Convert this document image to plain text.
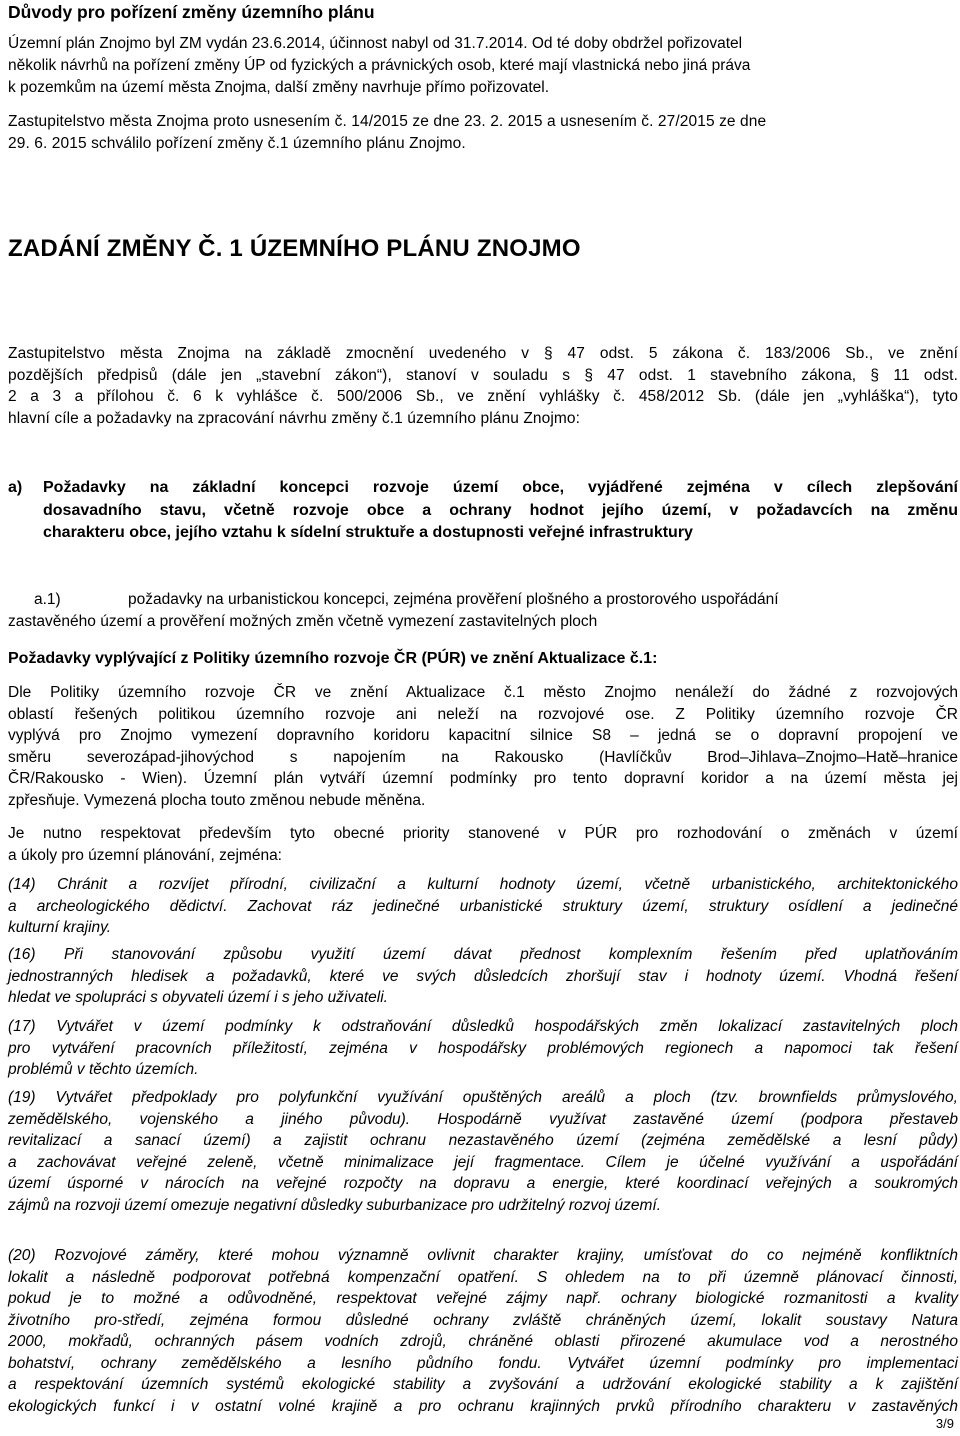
Důvody pro pořízení změny územního plánu

Územní plán Znojmo byl ZM vydán 23.6.2014, účinnost nabyl od 31.7.2014. Od té doby obdržel pořizovatel
několik návrhů na pořízení změny ÚP od fyzických a právnických osob, které mají vlastnická nebo jiná práva
k pozemkům na území města Znojma, další změny navrhuje přímo pořizovatel.

Zastupitelstvo města Znojma proto usnesením č. 14/2015 ze dne 23. 2. 2015 a usnesením č. 27/2015 ze dne
29. 6. 2015 schválilo pořízení změny č.1 územního plánu Znojmo.

ZADÁNÍ ZMĚNY Č. 1 ÚZEMNÍHO PLÁNU ZNOJMO

Zastupitelstvo města Znojma na základě zmocnění uvedeného v § 47 odst. 5 zákona č. 183/2006 Sb., ve znění
pozdějších předpisů (dále jen „stavební zákon“), stanoví v souladu s § 47 odst. 1 stavebního zákona, § 11 odst.
2 a 3 a přílohou č. 6 k vyhlášce č. 500/2006 Sb., ve znění vyhlášky č. 458/2012 Sb. (dále jen „vyhláška“), tyto
hlavní cíle a požadavky na zpracování návrhu změny č.1 územního plánu Znojmo:

a)	Požadavky na základní koncepci rozvoje území obce, vyjádřené zejména v cílech zlepšování
dosavadního stavu, včetně rozvoje obce a ochrany hodnot jejího území, v požadavcích na změnu
charakteru obce, jejího vztahu k sídelní struktuře a dostupnosti veřejné infrastruktury
a.1)	požadavky na urbanistickou koncepci, zejména prověření plošného a prostorového uspořádání
zastavěného území a prověření možných změn včetně vymezení zastavitelných ploch

Požadavky vyplývající z Politiky územního rozvoje ČR (PÚR) ve znění Aktualizace č.1:

Dle Politiky územního rozvoje ČR ve znění Aktualizace č.1 město Znojmo nenáleží do žádné z rozvojových
oblastí řešených politikou územního rozvoje ani neleží na rozvojové ose. Z Politiky územního rozvoje ČR
vyplývá pro Znojmo vymezení dopravního koridoru kapacitní silnice S8 – jedná se o dopravní propojení ve
směru severozápad-jihovýchod s napojením na Rakousko (Havlíčkův Brod–Jihlava–Znojmo–Hatě–hranice
ČR/Rakousko - Wien). Územní plán vytváří územní podmínky pro tento dopravní koridor a na území města jej
zpřesňuje. Vymezená plocha touto změnou nebude měněna.

Je nutno respektovat především tyto obecné priority stanovené v PÚR pro rozhodování o změnách v území
a úkoly pro územní plánování, zejména:

(14) Chránit a rozvíjet přírodní, civilizační a kulturní hodnoty území, včetně urbanistického, architektonického
a archeologického dědictví. Zachovat ráz jedinečné urbanistické struktury území, struktury osídlení a jedinečné
kulturní krajiny.

(16) Při stanovování způsobu využití území dávat přednost komplexním řešením před uplatňováním
jednostranných hledisek a požadavků, které ve svých důsledcích zhoršují stav i hodnoty území. Vhodná řešení
hledat ve spolupráci s obyvateli území i s jeho uživateli.

(17) Vytvářet v území podmínky k odstraňování důsledků hospodářských změn lokalizací zastavitelných ploch
pro vytváření pracovních příležitostí, zejména v hospodářsky problémových regionech a napomoci tak řešení
problémů v těchto územích.

(19) Vytvářet předpoklady pro polyfunkční využívání opuštěných areálů a ploch (tzv. brownfields průmyslového,
zemědělského, vojenského a jiného původu). Hospodárně využívat zastavěné území (podpora přestaveb
revitalizací a sanací území) a zajistit ochranu nezastavěného území (zejména zemědělské a lesní půdy)
a zachovávat veřejné zeleně, včetně minimalizace její fragmentace. Cílem je účelné využívání a uspořádání
území úsporné v nárocích na veřejné rozpočty na dopravu a energie, které koordinací veřejných a soukromých
zájmů na rozvoji území omezuje negativní důsledky suburbanizace pro udržitelný rozvoj území.

(20) Rozvojové záměry, které mohou významně ovlivnit charakter krajiny, umísťovat do co nejméně konfliktních
lokalit a následně podporovat potřebná kompenzační opatření. S ohledem na to při územně plánovací činnosti,
pokud je to možné a odůvodněné, respektovat veřejné zájmy např. ochrany biologické rozmanitosti a kvality
životního pro-středí, zejména formou důsledné ochrany zvláště chráněných území, lokalit soustavy Natura
2000, mokřadů, ochranných pásem vodních zdrojů, chráněné oblasti přirozené akumulace vod a nerostného
bohatství, ochrany zemědělského a lesního půdního fondu. Vytvářet územní podmínky pro implementaci
a respektování územních systémů ekologické stability a zvyšování a udržování ekologické stability a k zajištění
ekologických funkcí i v ostatní volné krajině a pro ochranu krajinných prvků přírodního charakteru v zastavěných

3/9
